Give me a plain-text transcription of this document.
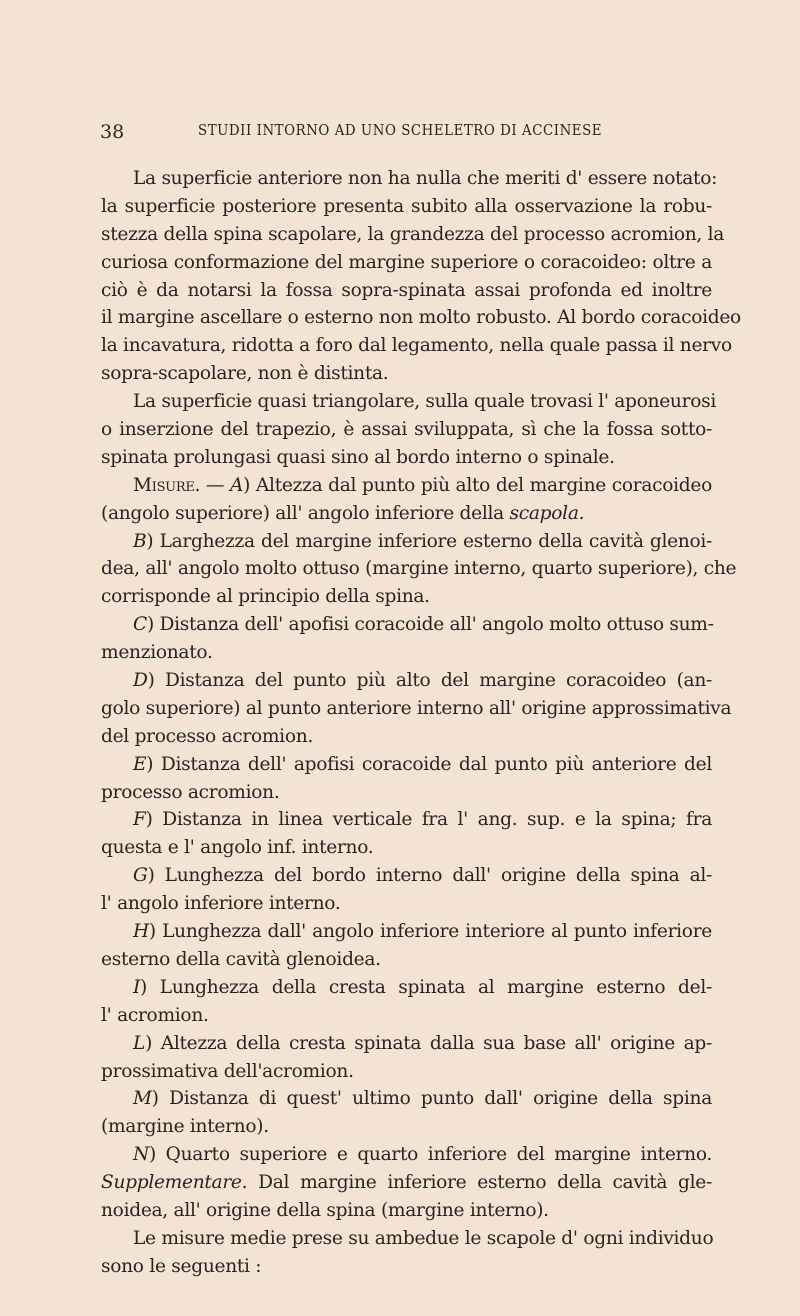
38	STUDII INTORNO AD UNO SCHELETRO DI ACCINESE
La superficie anteriore non ha nulla che meriti d' essere notato:
la superficie posteriore presenta subito alla osservazione la robu-
stezza della spina scapolare, la grandezza del processo acromion, la
curiosa conformazione del margine superiore o coracoideo: oltre a
ciò è da notarsi la fossa sopra-spinata assai profonda ed inoltre
il margine ascellare o esterno non molto robusto. Al bordo coracoideo
la incavatura, ridotta a foro dal legamento, nella quale passa il nervo
sopra-scapolare, non è distinta.
La superficie quasi triangolare, sulla quale trovasi l' aponeurosi
o inserzione del trapezio, è assai sviluppata, sì che la fossa sotto-
spinata prolungasi quasi sino al bordo interno o spinale.
Misure. — A) Altezza dal punto più alto del margine coracoideo
(angolo superiore) all' angolo inferiore della scapola.
B) Larghezza del margine inferiore esterno della cavità glenoi-
dea, all' angolo molto ottuso (margine interno, quarto superiore), che
corrisponde al principio della spina.
C) Distanza dell' apofisi coracoide all' angolo molto ottuso sum-
menzionato.
D) Distanza del punto più alto del margine coracoideo (an-
golo superiore) al punto anteriore interno all' origine approssimativa
del processo acromion.
E) Distanza dell' apofisi coracoide dal punto più anteriore del
processo acromion.
F) Distanza in linea verticale fra l' ang. sup. e la spina; fra
questa e l' angolo inf. interno.
G) Lunghezza del bordo interno dall' origine della spina al-
l' angolo inferiore interno.
H) Lunghezza dall' angolo inferiore interiore al punto inferiore
esterno della cavità glenoidea.
I) Lunghezza della cresta spinata al margine esterno del-
l' acromion.
L) Altezza della cresta spinata dalla sua base all' origine ap-
prossimativa dell'acromion.
M) Distanza di quest' ultimo punto dall' origine della spina
(margine interno).
N) Quarto superiore e quarto inferiore del margine interno.
Supplementare. Dal margine inferiore esterno della cavità gle-
noidea, all' origine della spina (margine interno).
Le misure medie prese su ambedue le scapole d' ogni individuo
sono le seguenti :
